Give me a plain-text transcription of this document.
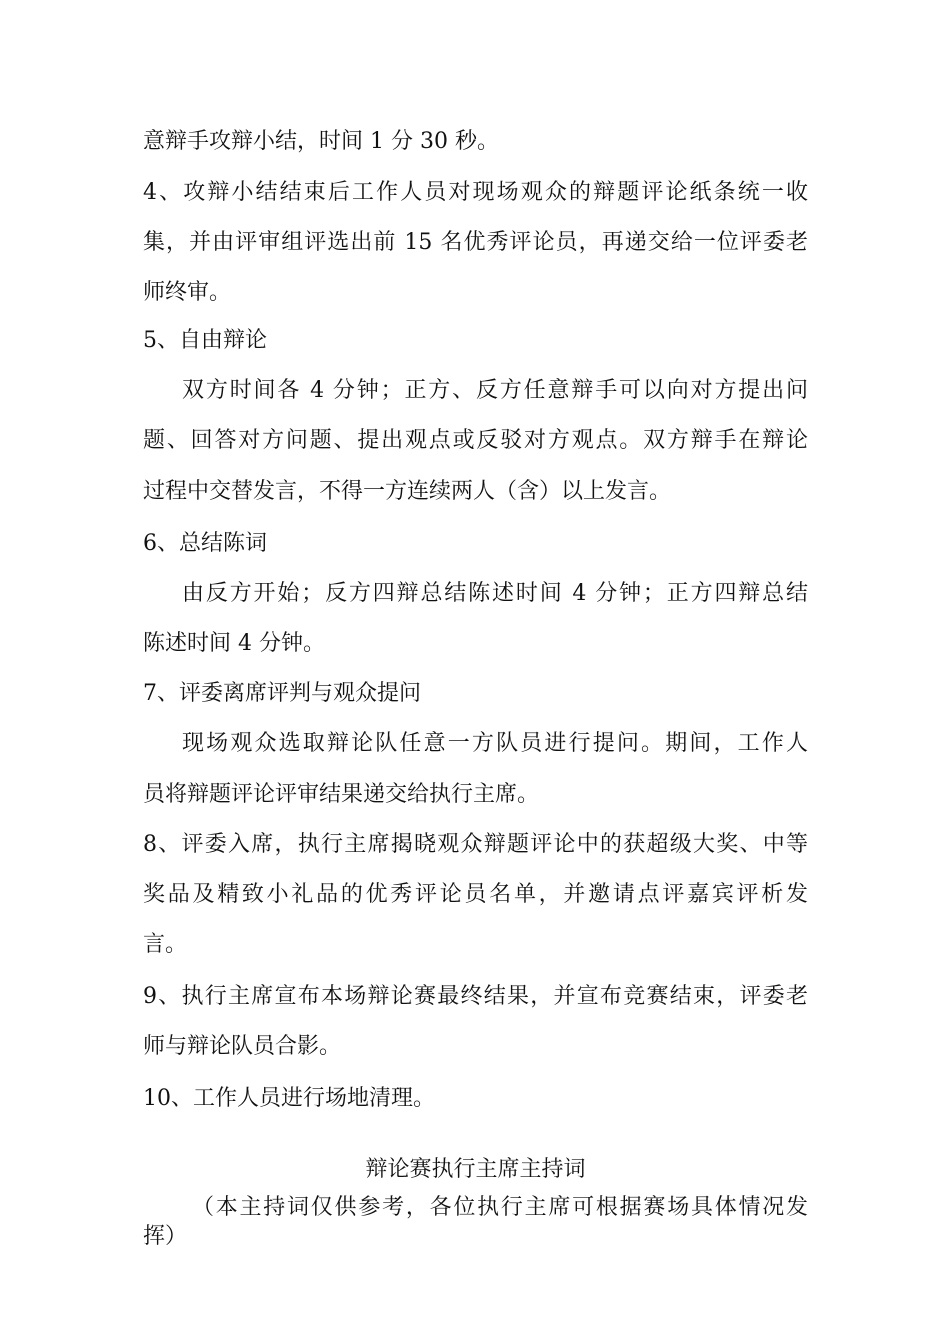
意辩手攻辩小结，时间 1 分 30 秒。
4、攻辩小结结束后工作人员对现场观众的辩题评论纸条统一收
集，并由评审组评选出前 15 名优秀评论员，再递交给一位评委老
师终审。
5、自由辩论
双方时间各 4 分钟；正方、反方任意辩手可以向对方提出问
题、回答对方问题、提出观点或反驳对方观点。双方辩手在辩论
过程中交替发言，不得一方连续两人（含）以上发言。
6、总结陈词
由反方开始；反方四辩总结陈述时间 4 分钟；正方四辩总结
陈述时间 4 分钟。
7、评委离席评判与观众提问
现场观众选取辩论队任意一方队员进行提问。期间，工作人
员将辩题评论评审结果递交给执行主席。
8、评委入席，执行主席揭晓观众辩题评论中的获超级大奖、中等
奖品及精致小礼品的优秀评论员名单，并邀请点评嘉宾评析发
言。
9、执行主席宣布本场辩论赛最终结果，并宣布竞赛结束，评委老
师与辩论队员合影。
10、工作人员进行场地清理。
辩论赛执行主席主持词
（本主持词仅供参考，各位执行主席可根据赛场具体情况发
挥）
